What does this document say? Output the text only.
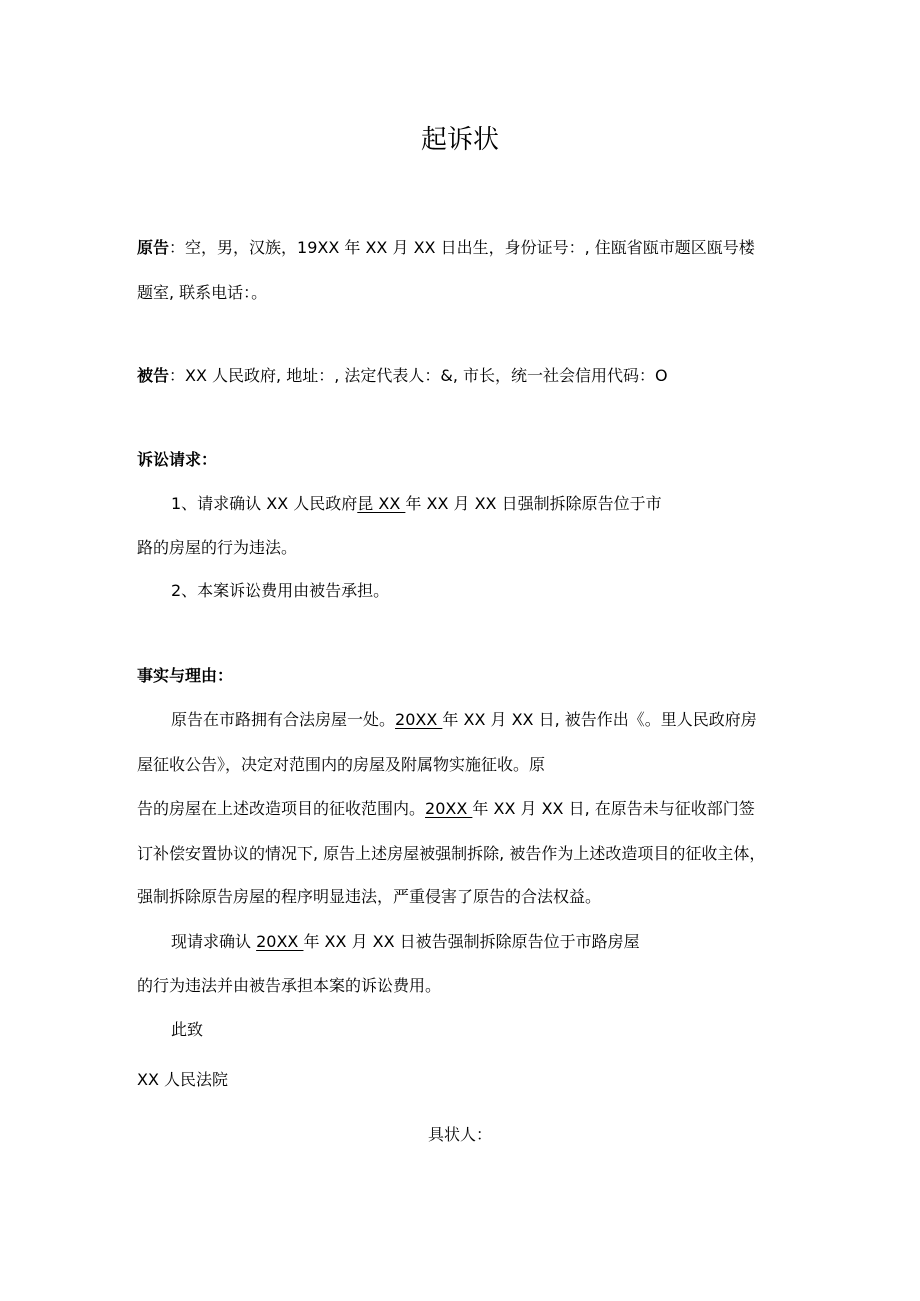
起诉状
原告：空，男，汉族，19XX 年 XX 月 XX 日出生，身份证号：, 住瓯省瓯市题区瓯号楼
题室, 联系电话：。
被告：XX 人民政府, 地址：, 法定代表人：&, 市长，统一社会信用代码：O
诉讼请求：
1、请求确认 XX 人民政府昆 XX 年 XX 月 XX 日强制拆除原告位于市
路的房屋的行为违法。
2、本案诉讼费用由被告承担。
事实与理由：
原告在市路拥有合法房屋一处。20XX 年 XX 月 XX 日, 被告作出《。里人民政府房
屋征收公告》，决定对范围内的房屋及附属物实施征收。原
告的房屋在上述改造项目的征收范围内。20XX 年 XX 月 XX 日, 在原告未与征收部门签
订补偿安置协议的情况下, 原告上述房屋被强制拆除, 被告作为上述改造项目的征收主体，
强制拆除原告房屋的程序明显违法，严重侵害了原告的合法权益。
现请求确认 20XX 年 XX 月 XX 日被告强制拆除原告位于市路房屋
的行为违法并由被告承担本案的诉讼费用。
此致
XX 人民法院
具状人：
